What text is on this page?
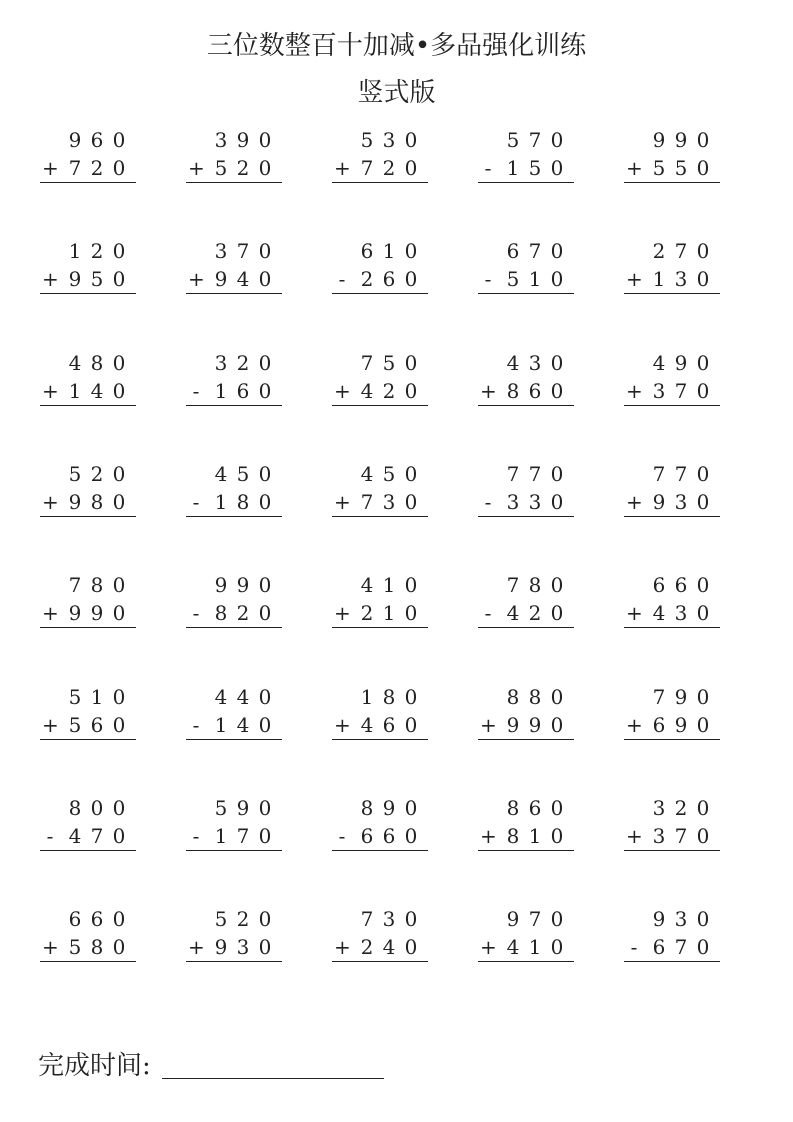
三位数整百十加减•多品强化训练
竖式版
9 6 0
+ 7 2 0
3 9 0
+ 5 2 0
5 3 0
+ 7 2 0
5 7 0
- 1 5 0
9 9 0
+ 5 5 0
1 2 0
+ 9 5 0
3 7 0
+ 9 4 0
6 1 0
- 2 6 0
6 7 0
- 5 1 0
2 7 0
+ 1 3 0
4 8 0
+ 1 4 0
3 2 0
- 1 6 0
7 5 0
+ 4 2 0
4 3 0
+ 8 6 0
4 9 0
+ 3 7 0
5 2 0
+ 9 8 0
4 5 0
- 1 8 0
4 5 0
+ 7 3 0
7 7 0
- 3 3 0
7 7 0
+ 9 3 0
7 8 0
+ 9 9 0
9 9 0
- 8 2 0
4 1 0
+ 2 1 0
7 8 0
- 4 2 0
6 6 0
+ 4 3 0
5 1 0
+ 5 6 0
4 4 0
- 1 4 0
1 8 0
+ 4 6 0
8 8 0
+ 9 9 0
7 9 0
+ 6 9 0
8 0 0
- 4 7 0
5 9 0
- 1 7 0
8 9 0
- 6 6 0
8 6 0
+ 8 1 0
3 2 0
+ 3 7 0
6 6 0
+ 5 8 0
5 2 0
+ 9 3 0
7 3 0
+ 2 4 0
9 7 0
+ 4 1 0
9 3 0
- 6 7 0
完成时间:
